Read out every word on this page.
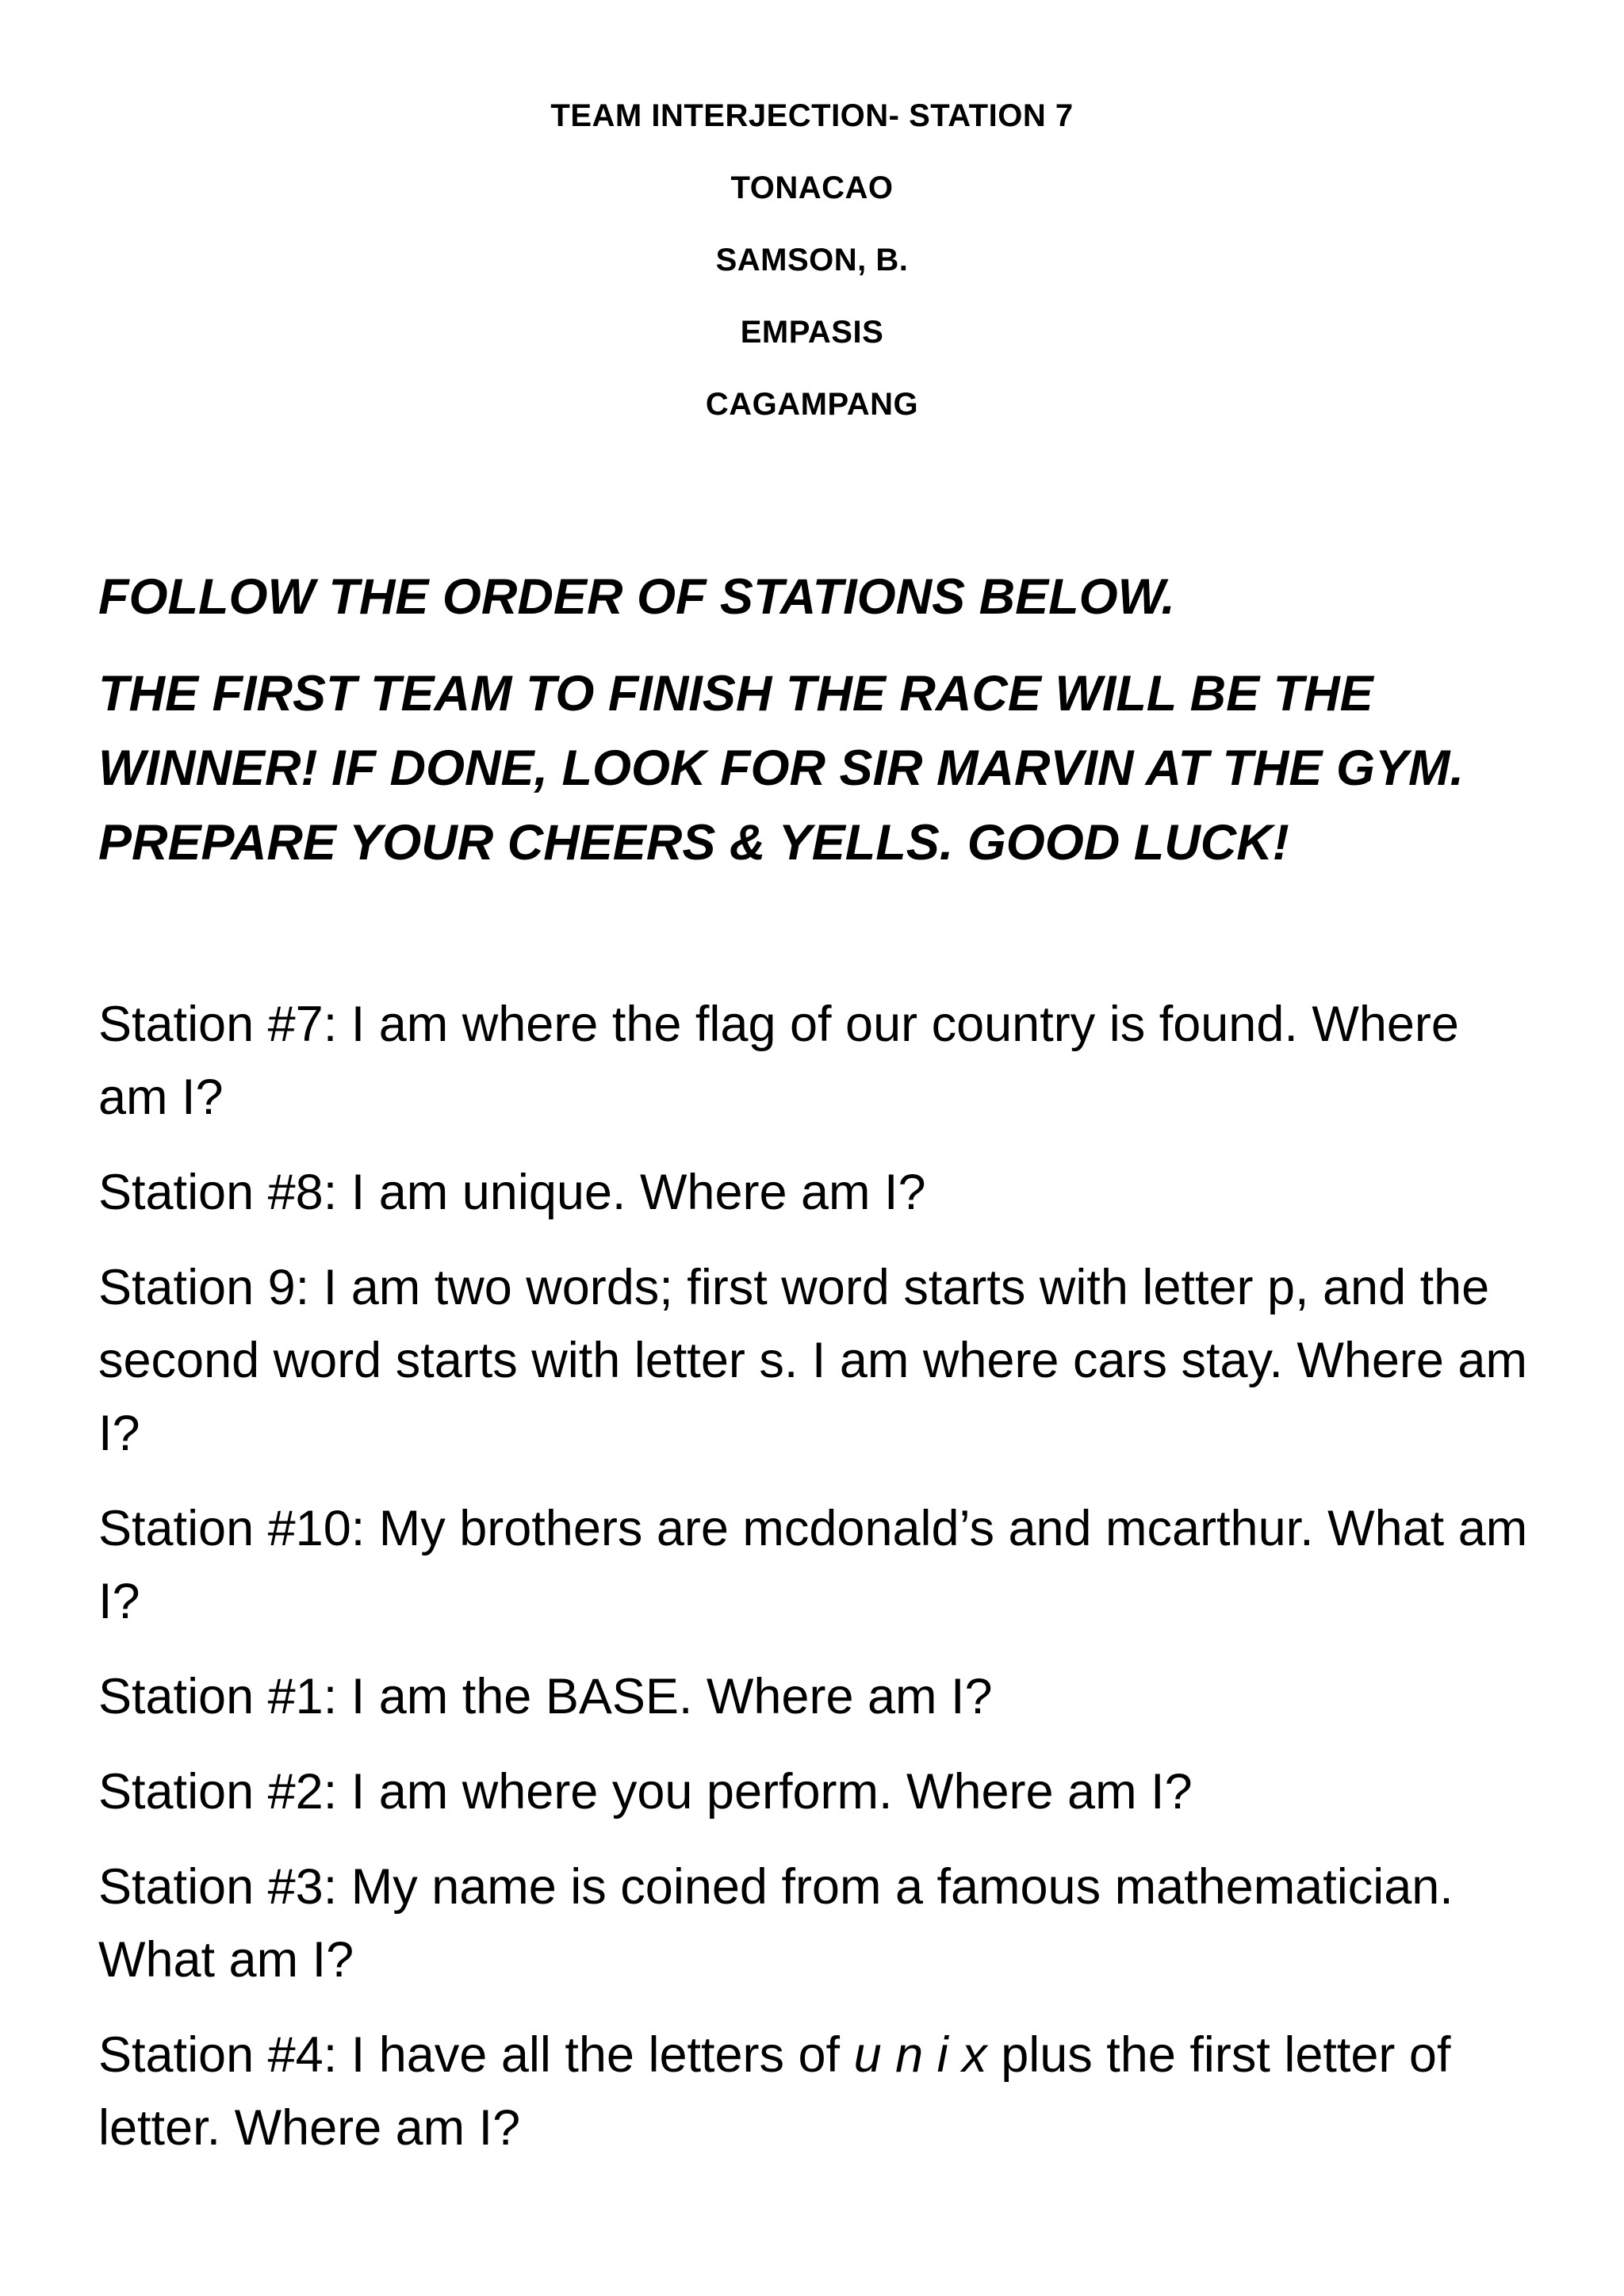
TEAM INTERJECTION- STATION 7
TONACAO
SAMSON, B.
EMPASIS
CAGAMPANG
FOLLOW THE ORDER OF STATIONS BELOW.
THE FIRST TEAM TO FINISH THE RACE WILL BE THE WINNER! IF DONE, LOOK FOR SIR MARVIN AT THE GYM. PREPARE YOUR CHEERS & YELLS. GOOD LUCK!
Station #7: I am where the flag of our country is found. Where am I?
Station #8: I am unique. Where am I?
Station 9: I am two words; first word starts with letter p, and the second word starts with letter s. I am where cars stay. Where am I?
Station #10: My brothers are mcdonald’s and mcarthur. What am I?
Station #1: I am the BASE. Where am I?
Station #2: I am where you perform. Where am I?
Station #3: My name is coined from a famous mathematician. What am I?
Station #4: I have all the letters of u n i x plus the first letter of letter. Where am I?
